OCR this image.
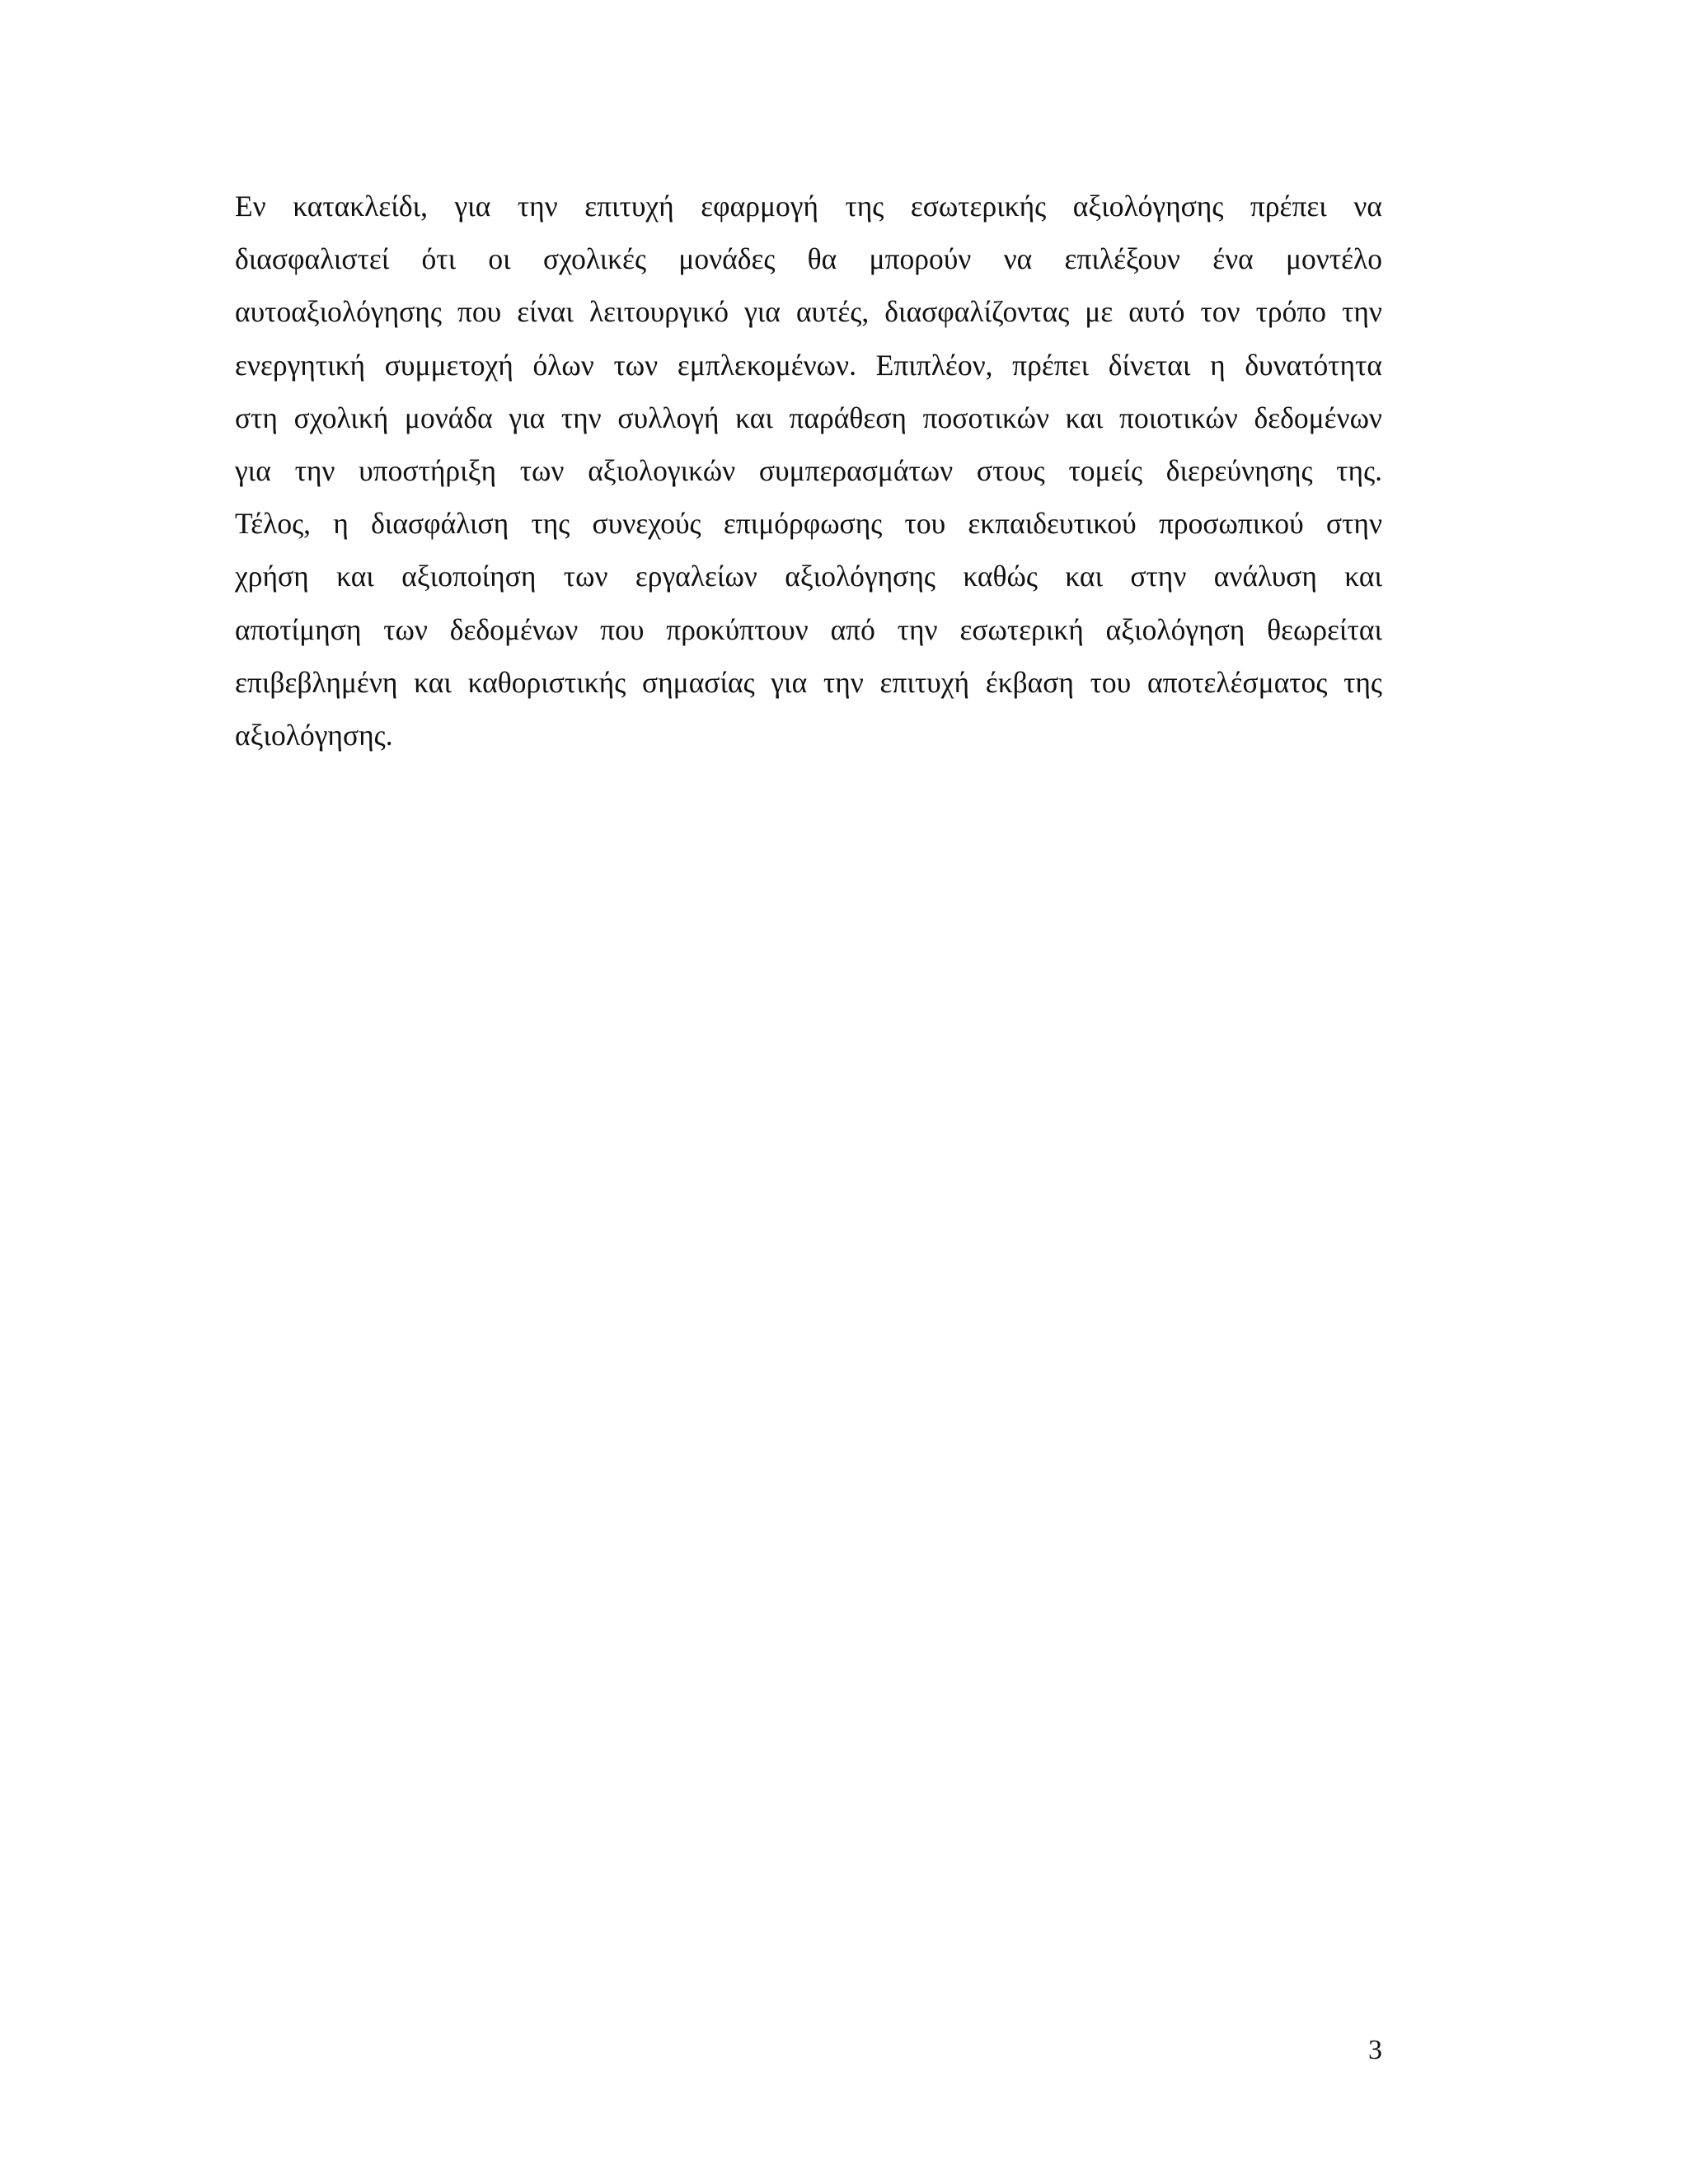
Εν κατακλείδι, για την επιτυχή εφαρμογή της εσωτερικής αξιολόγησης πρέπει να
διασφαλιστεί ότι οι σχολικές μονάδες θα μπορούν να επιλέξουν ένα μοντέλο
αυτοαξιολόγησης που είναι λειτουργικό για αυτές, διασφαλίζοντας με αυτό τον τρόπο την
ενεργητική συμμετοχή όλων των εμπλεκομένων. Επιπλέον, πρέπει δίνεται η δυνατότητα
στη σχολική μονάδα για την συλλογή και παράθεση ποσοτικών και ποιοτικών δεδομένων
για την υποστήριξη των αξιολογικών συμπερασμάτων στους τομείς διερεύνησης της.
Τέλος, η διασφάλιση της συνεχούς επιμόρφωσης του εκπαιδευτικού προσωπικού στην
χρήση και αξιοποίηση των εργαλείων αξιολόγησης καθώς και στην ανάλυση και
αποτίμηση των δεδομένων που προκύπτουν από την εσωτερική αξιολόγηση θεωρείται
επιβεβλημένη και καθοριστικής σημασίας για την επιτυχή έκβαση του αποτελέσματος της
αξιολόγησης.
3
